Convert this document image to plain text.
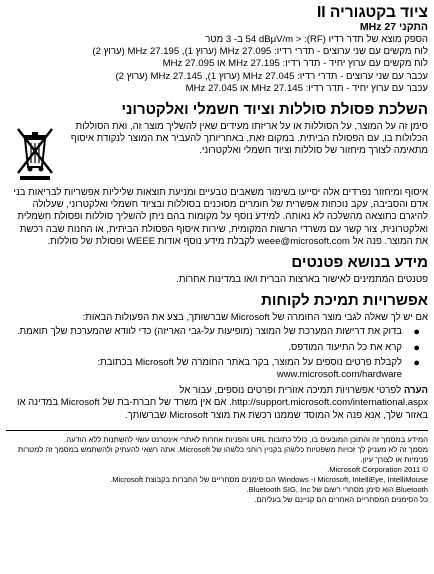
ציוד בקטגוריה II

התקני MHz 27

הספק מוצא של תדר רדיו (RF): < 54 dBμV/m ב- 3 מטר

לוח מקשים עם שני ערוצים - תדרי רדיו: MHz 27.095 (ערוץ 1), MHz 27.195 (ערוץ 2)

לוח מקשים עם ערוץ יחיד - תדר רדיו: MHz 27.195 או MHz 27.095

עכבר עם שני ערוצים - תדרי רדיו: MHz 27.045 (ערוץ 1), MHz 27.145 (ערוץ 2)

עכבר עם ערוץ יחיד - תדר רדיו: MHz 27.145 או MHz 27.045

השלכת פסולת סוללות וציוד חשמלי ואלקטרוני

סימן זה על המוצר, על הסוללות או על אריזתו מעידים שאין להשליך מוצר זה, ואת הסוללות הכלולות בו, עם הפסולת הביתית. במקום זאת, באחריותך להעביר את המוצר לנקודת איסוף מתאימה לצורך מיחזור של סוללות וציוד חשמלי ואלקטרוני.

איסוף ומיחזור נפרדים אלה יסייעו בשימור משאבים טבעיים ומניעת תוצאות שליליות אפשריות לבריאות בני אדם והסביבה, עקב נוכחות אפשרית של חומרים מסוכנים בסוללות ובציוד חשמלי ואלקטרוני, שעלולה להיגרם כתוצאה מהשלכה לא נאותה. למידע נוסף על מקומות בהם ניתן להשליך סוללות ופסולת חשמלית ואלקטרונית, צור קשר עם משרדי הרשות המקומית, שירות איסוף הפסולת הביתית, או החנות שבה רכשת את המוצר. פנה אל weee@microsoft.com לקבלת מידע נוסף אודות WEEE ופסולת של סוללות.

מידע בנושא פטנטים

פטנטים המתמינים לאישור בארצות הברית ו/או במדינות אחרות.

אפשרויות תמיכת לקוחות

אם יש לך שאלה לגבי מוצר החומרה של Microsoft שברשותך, בצע את הפעולות הבאות:

●
בדוק את דרישות המערכת של המוצר (מופיעות על-גבי האריזה) כדי לוודא שהמערכת שלך תואמת.
●
קרא את כל התיעוד המודפס.
●
לקבלת פרטים נוספים על המוצר, בקר באתר החומרה של Microsoft בכתובת: www.microsoft.com/hardware

הערה לפרטי אפשרויות תמיכה אזורית ופרטים נוספים, עבור אל http://support.microsoft.com/international.aspx. אם אין משרד של חברת-בת של Microsoft במדינה או באזור שלך, אנא פנה אל המוסד שממנו רכשת את מוצר Microsoft שברשותך.

המידע במסמך זה והתוכן המובעים בו, כולל כתובות URL והפניות אחרות לאתרי אינטרנט עשוי להשתנות ללא הודעה.

מסמך זה לא מעניק לך זכויות משפטיות כלשהן בקניין רוחני כלשהו של Microsoft. אתה רשאי להעתיק ולהשתמש במסמך זה למטרות פנימיות או לצורך עיון.

© Microsoft Corporation 2011.

Microsoft, IntelliEye, IntelliMouse ו- Windows הם סימנים מסחריים של החברות בקבוצת Microsoft.

Bluetooth הוא סימן מסחרי רשום של Bluetooth SIG, Inc.

כל הסימנים המסחריים האחרים הם קניינם של בעליהם.
